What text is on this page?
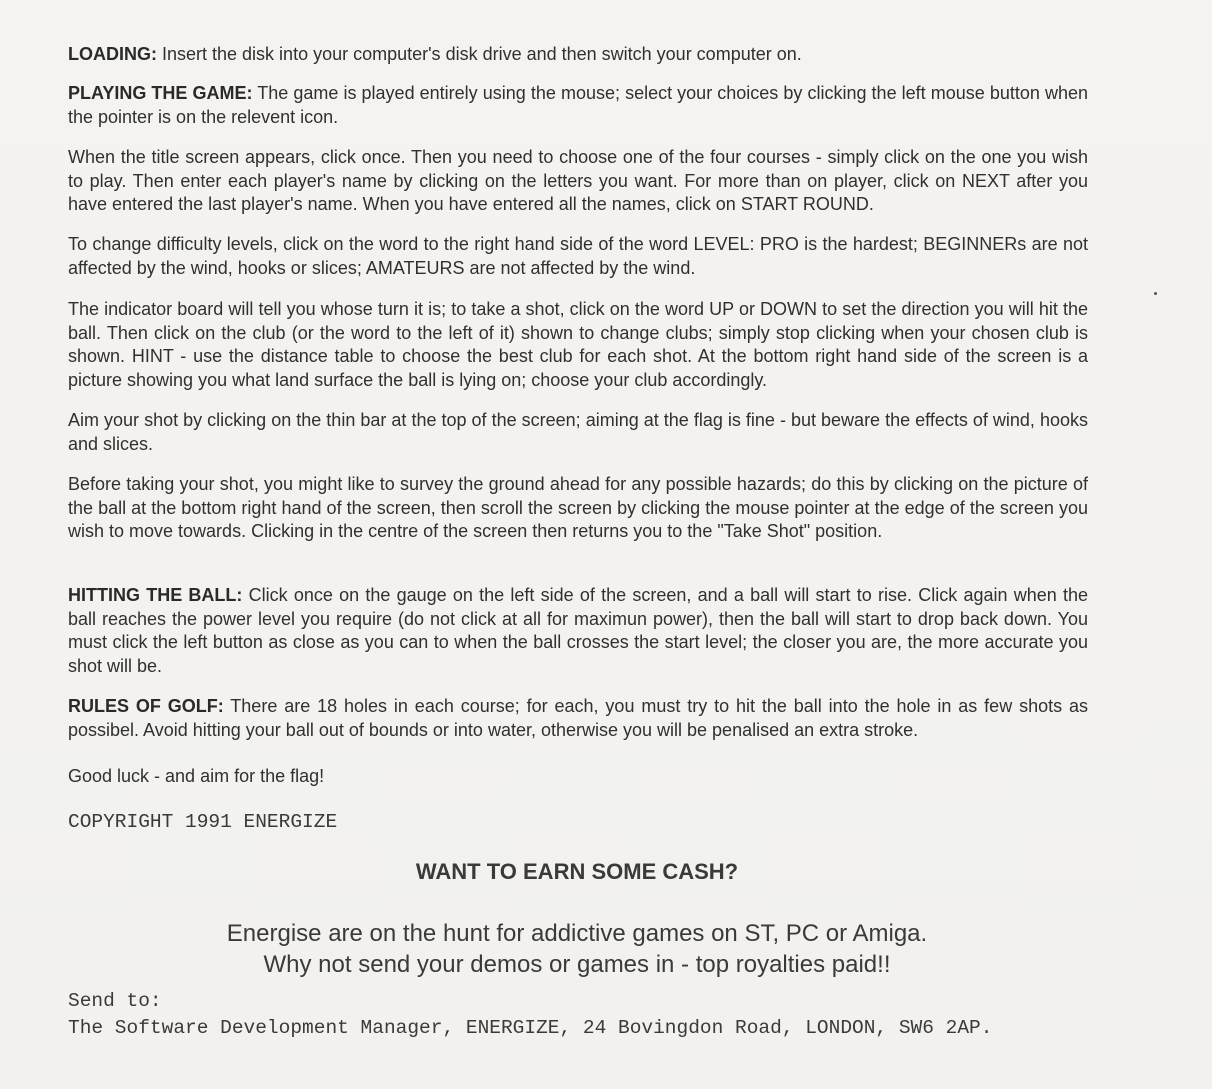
LOADING: Insert the disk into your computer's disk drive and then switch your computer on.

PLAYING THE GAME: The game is played entirely using the mouse; select your choices by clicking the left mouse button when the pointer is on the relevent icon.

When the title screen appears, click once. Then you need to choose one of the four courses - simply click on the one you wish to play. Then enter each player's name by clicking on the letters you want. For more than on player, click on NEXT after you have entered the last player's name. When you have entered all the names, click on START ROUND.

To change difficulty levels, click on the word to the right hand side of the word LEVEL: PRO is the hardest; BEGINNERs are not affected by the wind, hooks or slices; AMATEURS are not affected by the wind.

The indicator board will tell you whose turn it is; to take a shot, click on the word UP or DOWN to set the direction you will hit the ball. Then click on the club (or the word to the left of it) shown to change clubs; simply stop clicking when your chosen club is shown. HINT - use the distance table to choose the best club for each shot. At the bottom right hand side of the screen is a picture showing you what land surface the ball is lying on; choose your club accordingly.

Aim your shot by clicking on the thin bar at the top of the screen; aiming at the flag is fine - but beware the effects of wind, hooks and slices.

Before taking your shot, you might like to survey the ground ahead for any possible hazards; do this by clicking on the picture of the ball at the bottom right hand of the screen, then scroll the screen by clicking the mouse pointer at the edge of the screen you wish to move towards. Clicking in the centre of the screen then returns you to the "Take Shot" position.

HITTING THE BALL: Click once on the gauge on the left side of the screen, and a ball will start to rise. Click again when the ball reaches the power level you require (do not click at all for maximun power), then the ball will start to drop back down. You must click the left button as close as you can to when the ball crosses the start level; the closer you are, the more accurate you shot will be.

RULES OF GOLF: There are 18 holes in each course; for each, you must try to hit the ball into the hole in as few shots as possibel. Avoid hitting your ball out of bounds or into water, otherwise you will be penalised an extra stroke.

Good luck - and aim for the flag!

COPYRIGHT 1991 ENERGIZE

WANT TO EARN SOME CASH?

Energise are on the hunt for addictive games on ST, PC or Amiga.

Why not send your demos or games in - top royalties paid!!

Send to:

The Software Development Manager, ENERGIZE, 24 Bovingdon Road, LONDON, SW6 2AP.
